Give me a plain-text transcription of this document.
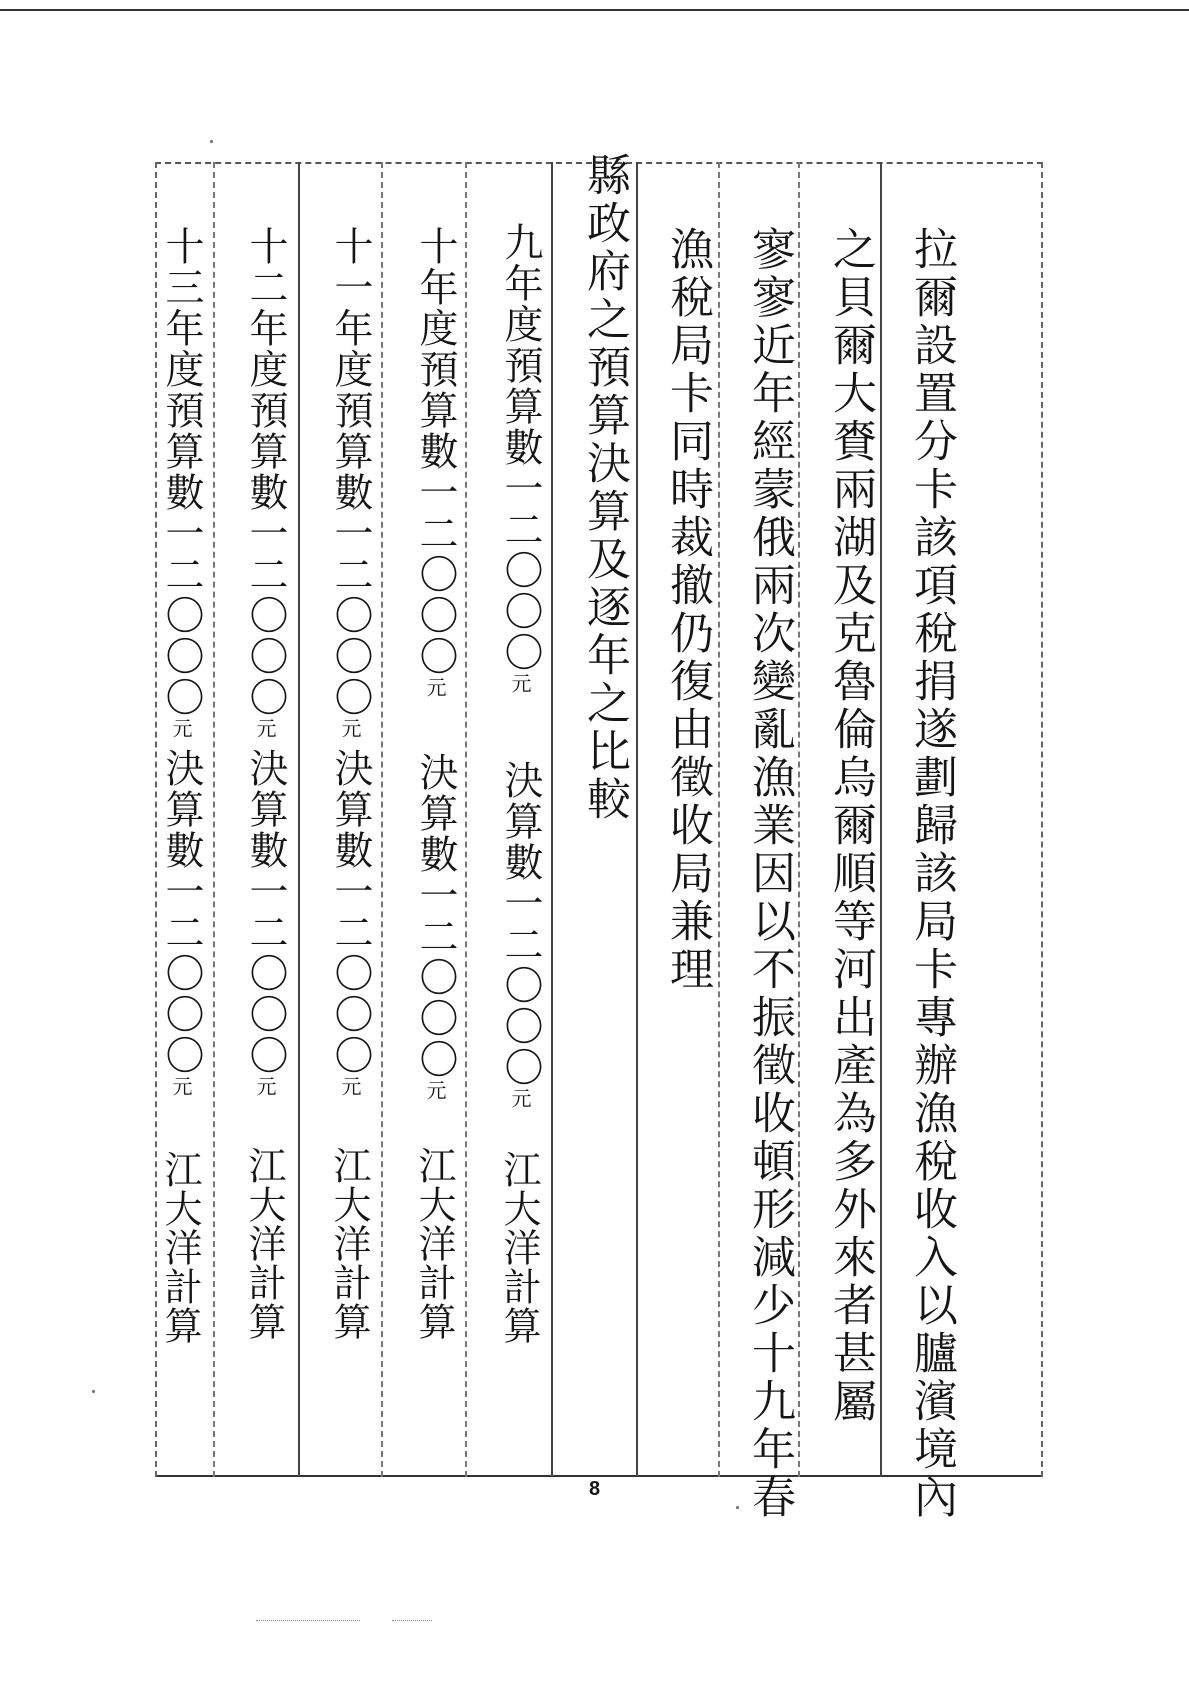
拉爾設置分卡該項稅捐遂劃歸該局卡專辦漁稅收入以臚濱境內
之貝爾大賚兩湖及克魯倫烏爾順等河出產為多外來者甚屬
寥寥近年經蒙俄兩次變亂漁業因以不振徵收頓形減少十九年春
漁稅局卡同時裁撤仍復由徵收局兼理
縣政府之預算決算及逐年之比較
九年度預算數一二〇〇〇元
十年度預算數一二〇〇〇元
十一年度預算數一二〇〇〇元
十二年度預算數一二〇〇〇元
十三年度預算數一二〇〇〇元
決算數一二〇〇〇元
決算數一二〇〇〇元
決算數一二〇〇〇元
決算數一二〇〇〇元
決算數一二〇〇〇元
江大洋計算
江大洋計算
江大洋計算
江大洋計算
江大洋計算
8
